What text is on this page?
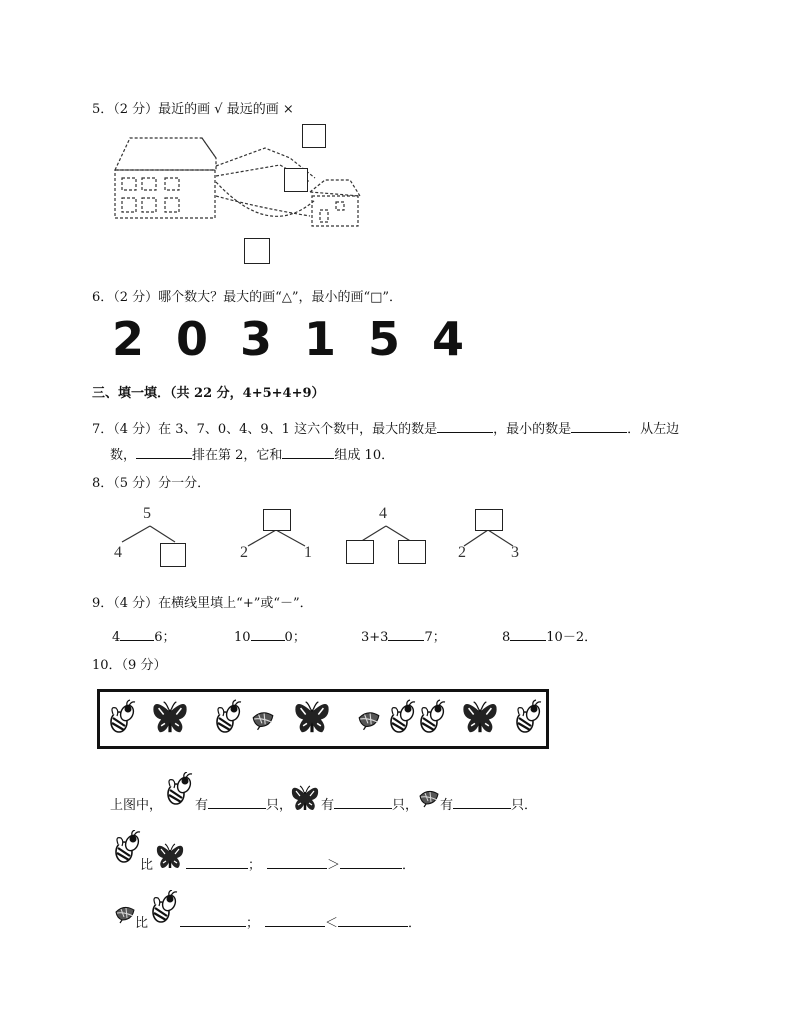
5．（2 分）最近的画 √ 最远的画 ×
6．（2 分）哪个数大？最大的画“△”，最小的画“□”．
2 0 3 1 5 4
三、填一填．（共 22 分，4+5+4+9）
7．（4 分）在 3、7、0、4、9、1 这六个数中，最大的数是	，最小的数是	．从左边
数，	排在第 2，它和	组成 10．
8．（5 分）分一分．
5
4	2	1
4
2	3
9．（4 分）在横线里填上“+”或“－”．
4	6；	10	0；	3+3	7；	8	10－2．
10．（9 分）
上图中，	有	只， 有	只， 有	只．
比	；	＞	．
比	；	＜	．
